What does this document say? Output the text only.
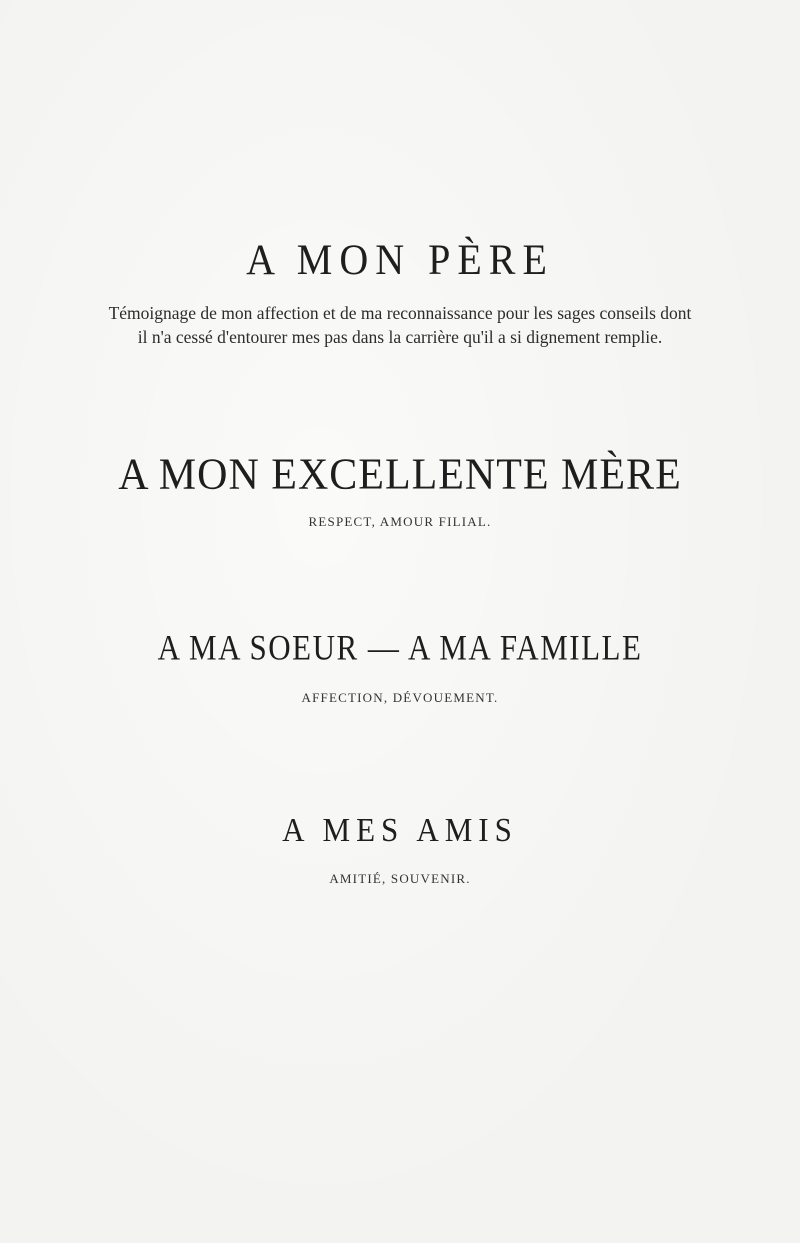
A MON PÈRE

Témoignage de mon affection et de ma reconnaissance pour les sages conseils dont
il n'a cessé d'entourer mes pas dans la carrière qu'il a si dignement remplie.

A MON EXCELLENTE MÈRE

RESPECT, AMOUR FILIAL.

A MA SOEUR — A MA FAMILLE

AFFECTION, DÉVOUEMENT.

A MES AMIS

AMITIÉ, SOUVENIR.
